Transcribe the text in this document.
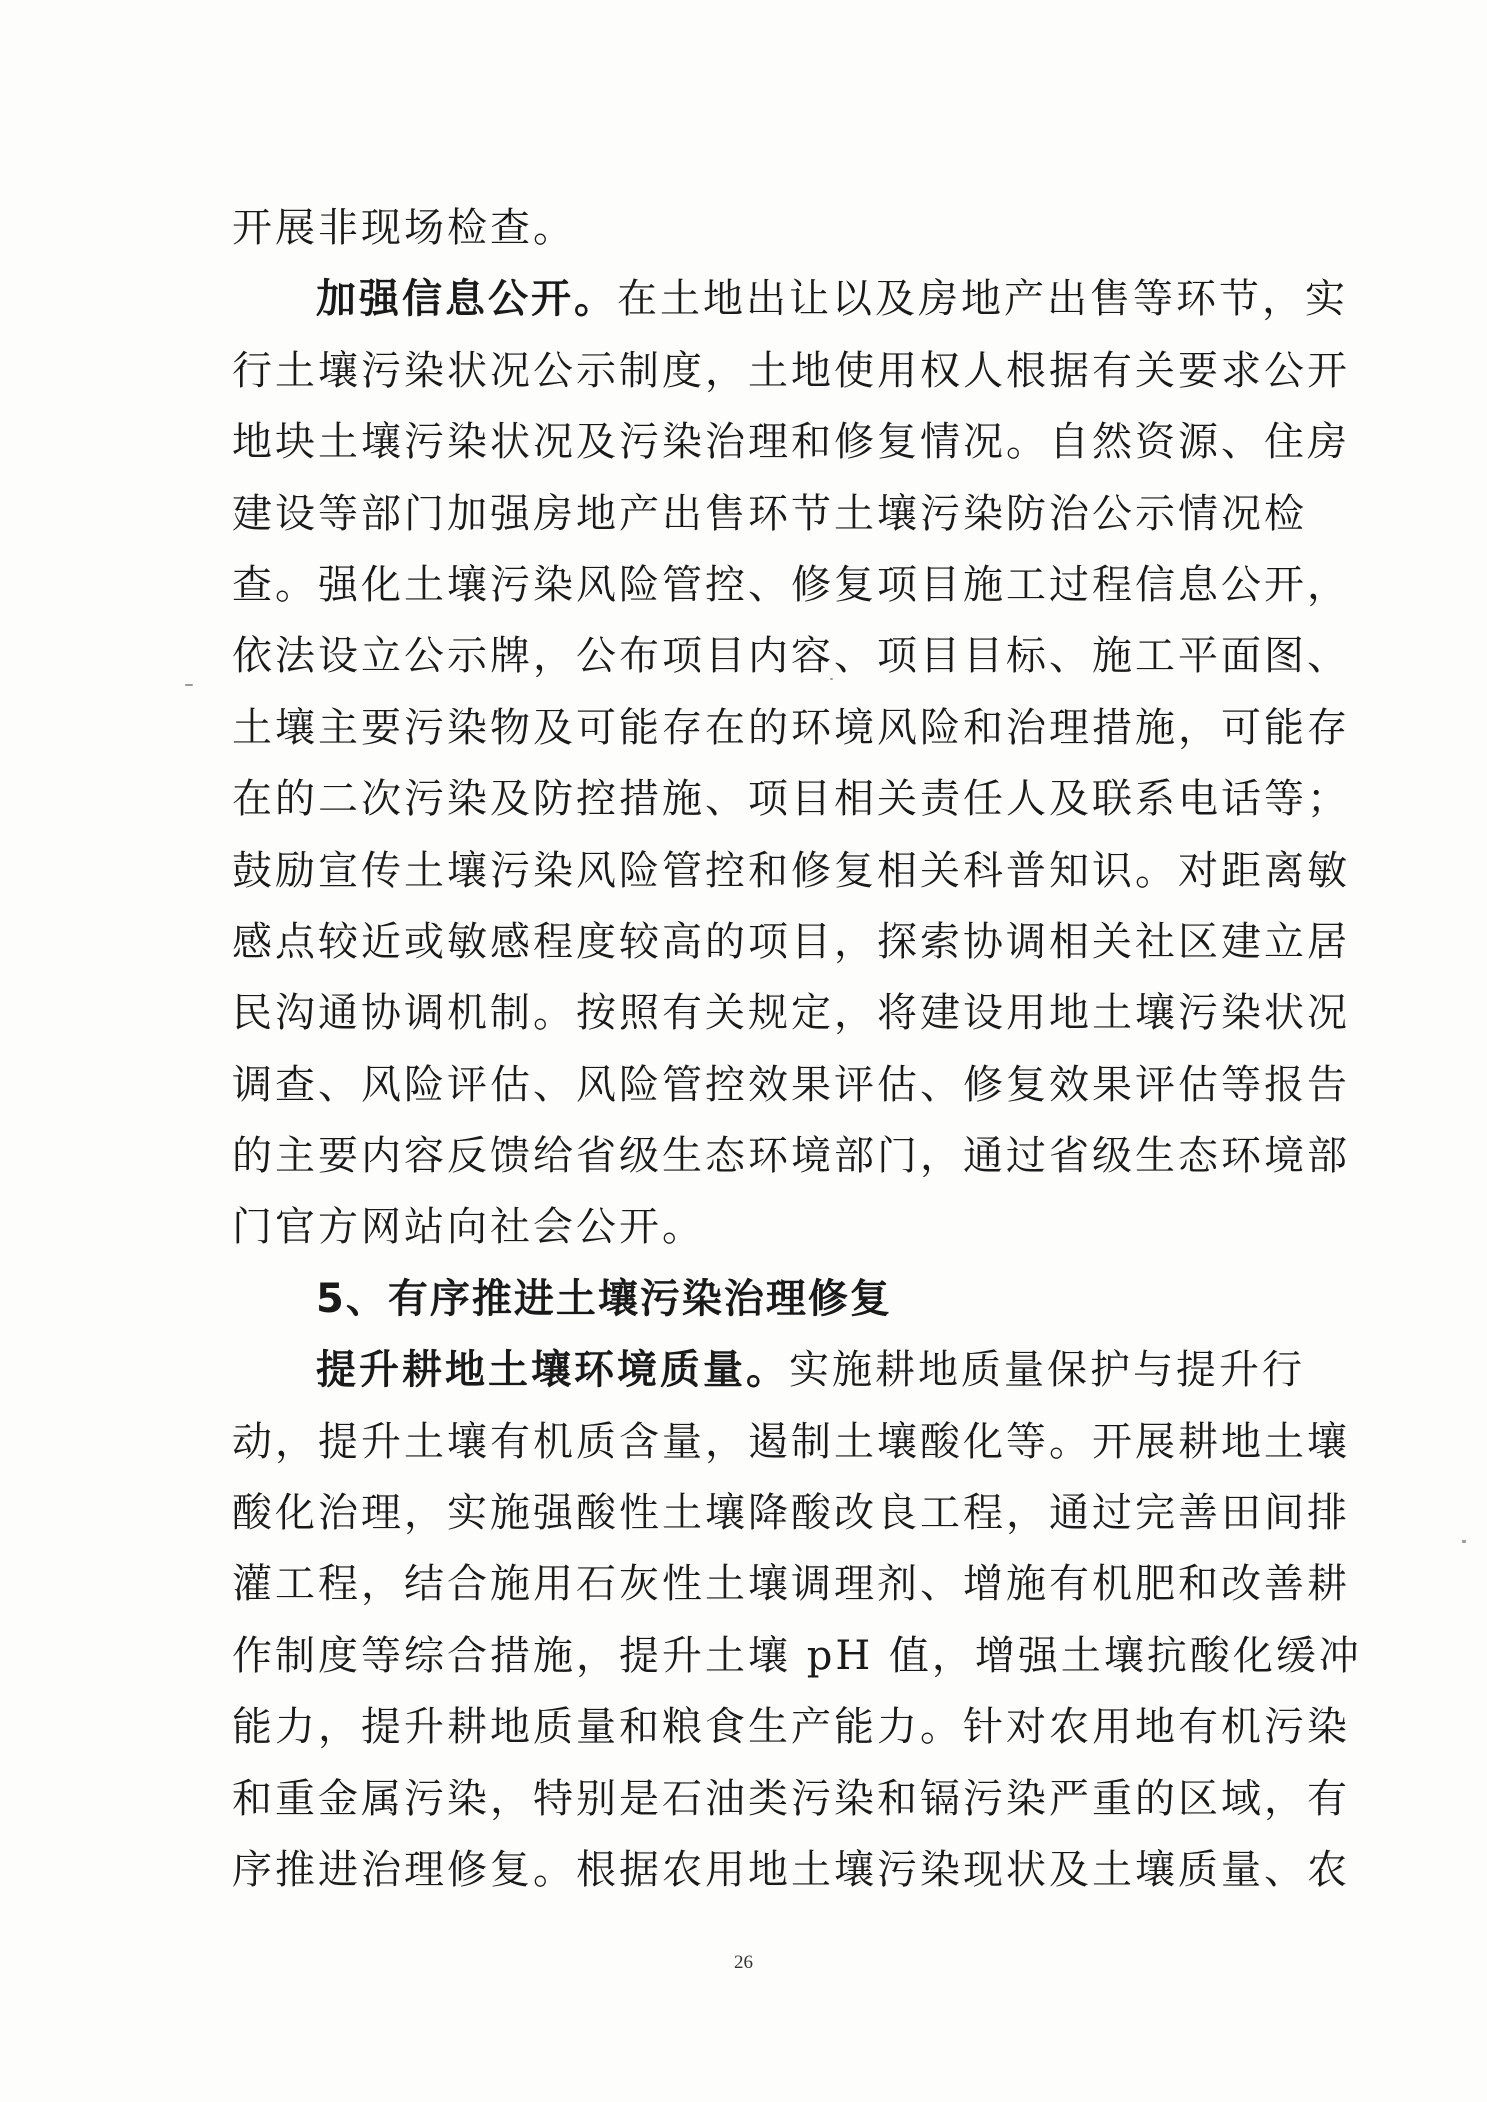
开展非现场检查。
加强信息公开。在土地出让以及房地产出售等环节，实
行土壤污染状况公示制度，土地使用权人根据有关要求公开
地块土壤污染状况及污染治理和修复情况。自然资源、住房
建设等部门加强房地产出售环节土壤污染防治公示情况检
查。强化土壤污染风险管控、修复项目施工过程信息公开，
依法设立公示牌，公布项目内容、项目目标、施工平面图、
土壤主要污染物及可能存在的环境风险和治理措施，可能存
在的二次污染及防控措施、项目相关责任人及联系电话等；
鼓励宣传土壤污染风险管控和修复相关科普知识。对距离敏
感点较近或敏感程度较高的项目，探索协调相关社区建立居
民沟通协调机制。按照有关规定，将建设用地土壤污染状况
调查、风险评估、风险管控效果评估、修复效果评估等报告
的主要内容反馈给省级生态环境部门，通过省级生态环境部
门官方网站向社会公开。
5、有序推进土壤污染治理修复
提升耕地土壤环境质量。实施耕地质量保护与提升行
动，提升土壤有机质含量，遏制土壤酸化等。开展耕地土壤
酸化治理，实施强酸性土壤降酸改良工程，通过完善田间排
灌工程，结合施用石灰性土壤调理剂、增施有机肥和改善耕
作制度等综合措施，提升土壤 pH 值，增强土壤抗酸化缓冲
能力，提升耕地质量和粮食生产能力。针对农用地有机污染
和重金属污染，特别是石油类污染和镉污染严重的区域，有
序推进治理修复。根据农用地土壤污染现状及土壤质量、农
26
